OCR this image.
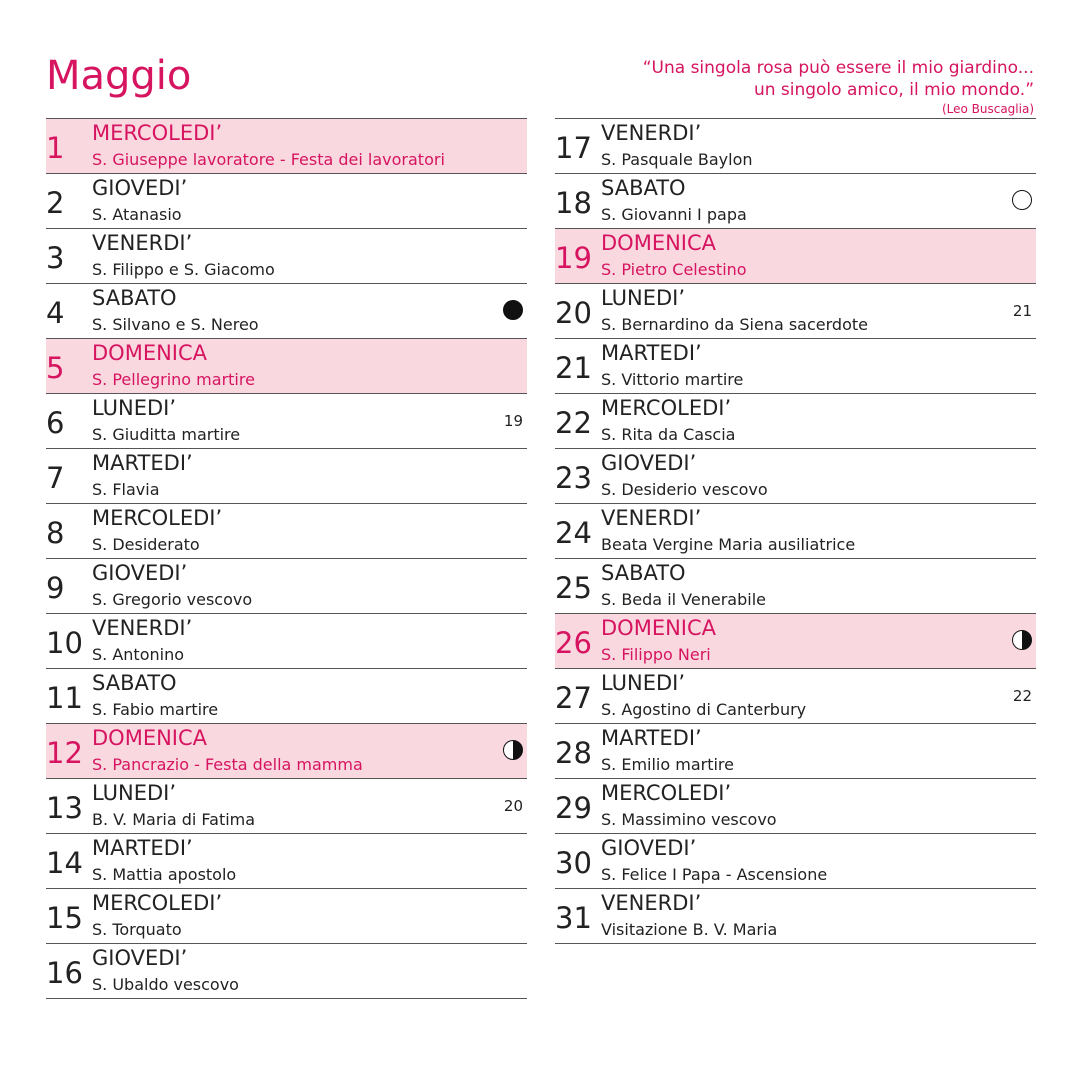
Maggio	“Una singola rosa può essere il mio giardino...
un singolo amico, il mio mondo.”
(Leo Buscaglia)
1 MERCOLEDI’
S. Giuseppe lavoratore - Festa dei lavoratori
2 GIOVEDI’
S. Atanasio
3 VENERDI’
S. Filippo e S. Giacomo
4 SABATO
S. Silvano e S. Nereo
5 DOMENICA
S. Pellegrino martire
6 LUNEDI’
S. Giuditta martire
19
7 MARTEDI’
S. Flavia
8 MERCOLEDI’
S. Desiderato
9 GIOVEDI’
S. Gregorio vescovo
10 VENERDI’
S. Antonino
11 SABATO
S. Fabio martire
12 DOMENICA
S. Pancrazio - Festa della mamma
13 LUNEDI’
B. V. Maria di Fatima
20
14 MARTEDI’
S. Mattia apostolo
15 MERCOLEDI’
S. Torquato
16 GIOVEDI’
S. Ubaldo vescovo
17 VENERDI’
S. Pasquale Baylon
18 SABATO
S. Giovanni I papa
19 DOMENICA
S. Pietro Celestino
20 LUNEDI’
S. Bernardino da Siena sacerdote
21
21 MARTEDI’
S. Vittorio martire
22 MERCOLEDI’
S. Rita da Cascia
23 GIOVEDI’
S. Desiderio vescovo
24 VENERDI’
Beata Vergine Maria ausiliatrice
25 SABATO
S. Beda il Venerabile
26 DOMENICA
S. Filippo Neri
27 LUNEDI’
S. Agostino di Canterbury
22
28 MARTEDI’
S. Emilio martire
29 MERCOLEDI’
S. Massimino vescovo
30 GIOVEDI’
S. Felice I Papa - Ascensione
31 VENERDI’
Visitazione B. V. Maria
